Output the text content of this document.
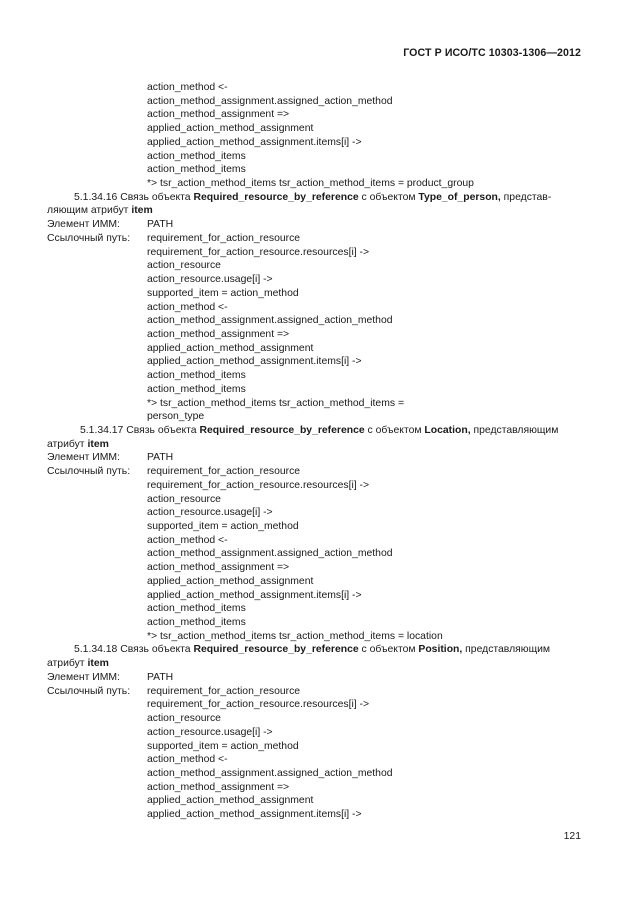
ГОСТ Р ИСО/ТС 10303-1306—2012
action_method <-
action_method_assignment.assigned_action_method
action_method_assignment =>
applied_action_method_assignment
applied_action_method_assignment.items[i] ->
action_method_items
action_method_items
*> tsr_action_method_items tsr_action_method_items = product_group
5.1.34.16 Связь объекта Required_resource_by_reference с объектом Type_of_person, представ-
ляющим атрибут item
Элемент ИММ:	PATH
Ссылочный путь: requirement_for_action_resource
requirement_for_action_resource.resources[i] ->
action_resource
action_resource.usage[i] ->
supported_item = action_method
action_method <-
action_method_assignment.assigned_action_method
action_method_assignment =>
applied_action_method_assignment
applied_action_method_assignment.items[i] ->
action_method_items
action_method_items
*> tsr_action_method_items tsr_action_method_items =
person_type
5.1.34.17 Связь объекта Required_resource_by_reference с объектом Location, представляющим
атрибут item
Элемент ИММ:	PATH
Ссылочный путь: requirement_for_action_resource
requirement_for_action_resource.resources[i] ->
action_resource
action_resource.usage[i] ->
supported_item = action_method
action_method <-
action_method_assignment.assigned_action_method
action_method_assignment =>
applied_action_method_assignment
applied_action_method_assignment.items[i] ->
action_method_items
action_method_items
*> tsr_action_method_items tsr_action_method_items = location
5.1.34.18 Связь объекта Required_resource_by_reference с объектом Position, представляющим
атрибут item
Элемент ИММ:	PATH
Ссылочный путь: requirement_for_action_resource
requirement_for_action_resource.resources[i] ->
action_resource
action_resource.usage[i] ->
supported_item = action_method
action_method <-
action_method_assignment.assigned_action_method
action_method_assignment =>
applied_action_method_assignment
applied_action_method_assignment.items[i] ->
121
